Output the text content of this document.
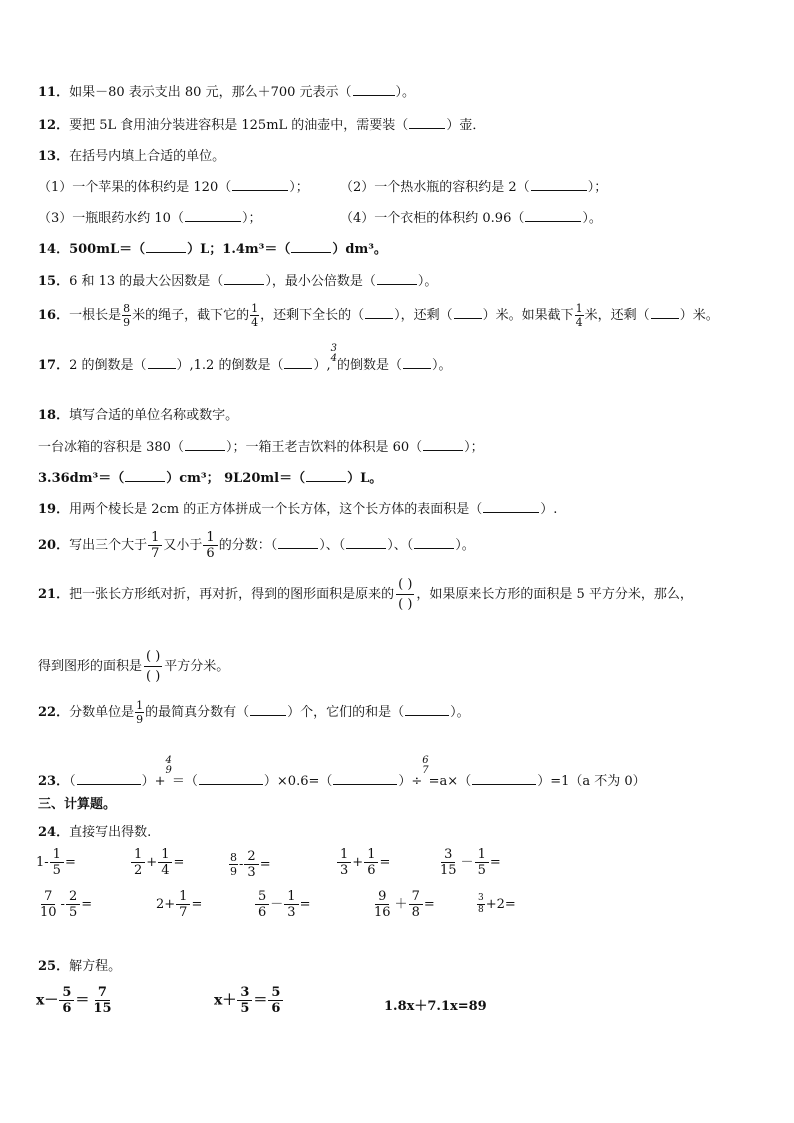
11．如果－80 表示支出 80 元，那么＋700 元表示（	）。
12．要把 5L 食用油分装进容积是 125mL 的油壶中，需要装（	）壶．
13．在括号内填上合适的单位。
（1）一个苹果的体积约是 120（	）； （2）一个热水瓶的容积约是 2（	）；
（3）一瓶眼药水约 10（	）；	（4）一个衣柜的体积约 0.96（	）。
14．500mL＝（	）L；1.4m³＝（	）dm³。
15．6 和 13 的最大公因数是（	），最小公倍数是（	）。
16．一根长是 $\frac{8}{9}$ 米的绳子，截下它的 $\frac{1}{4}$ ，还剩下全长的（ ），还剩（ ）米。如果截下 $\frac{1}{4}$ 米，还剩（ ）米。
17．2 的倒数是（ ）,1.2 的倒数是（ ）,
3
4 的倒数是（ ）。
18．填写合适的单位名称或数字。
一台冰箱的容积是 380（	）；一箱王老吉饮料的体积是 60（	）；
3.36dm³＝（	）cm³； 9L20ml＝（	）L。
19．用两个棱长是 2cm 的正方体拼成一个长方体，这个长方体的表面积是（	）.
20．写出三个大于 $\frac{1}{7}$ 又小于 $\frac{1}{6}$ 的分数：（	）、（	）、（	）。
21．把一张长方形纸对折，再对折，得到的图形面积是原来的 $\frac{( )}{( )}$ ，如果原来长方形的面积是 5 平方分米，那么，
得到图形的面积是 $\frac{( )}{( )}$ 平方分米。
22．分数单位是 $\frac{1}{9}$ 的最简真分数有（	）个，它们的和是（	）。
23．（	）+
4
9
＝（	）×0.6=（	）÷
6
7
=a×（	）=1（a 不为 0）
三、计算题。
24．直接写出得数.
$1- \frac{1}{5}$ =	$\frac{1}{2} + \frac{1}{4}$ =	$\frac{8}{9} - \frac{2}{3}$ =	$\frac{1}{3} + \frac{1}{6}$ =	$\frac{3}{15} - \frac{1}{5}$ =
$\frac{7}{10} - \frac{2}{5}$ =	$2+ \frac{1}{7}$ =	$\frac{5}{6} - \frac{1}{3}$ =	$\frac{9}{16} + \frac{7}{8}$ =	$\frac{3}{8} +2=$
25．解方程。
$x- \frac{5}{6} = \frac{7}{15}$	$x+ \frac{3}{5} = \frac{5}{6}$	1.8x＋7.1x=89
